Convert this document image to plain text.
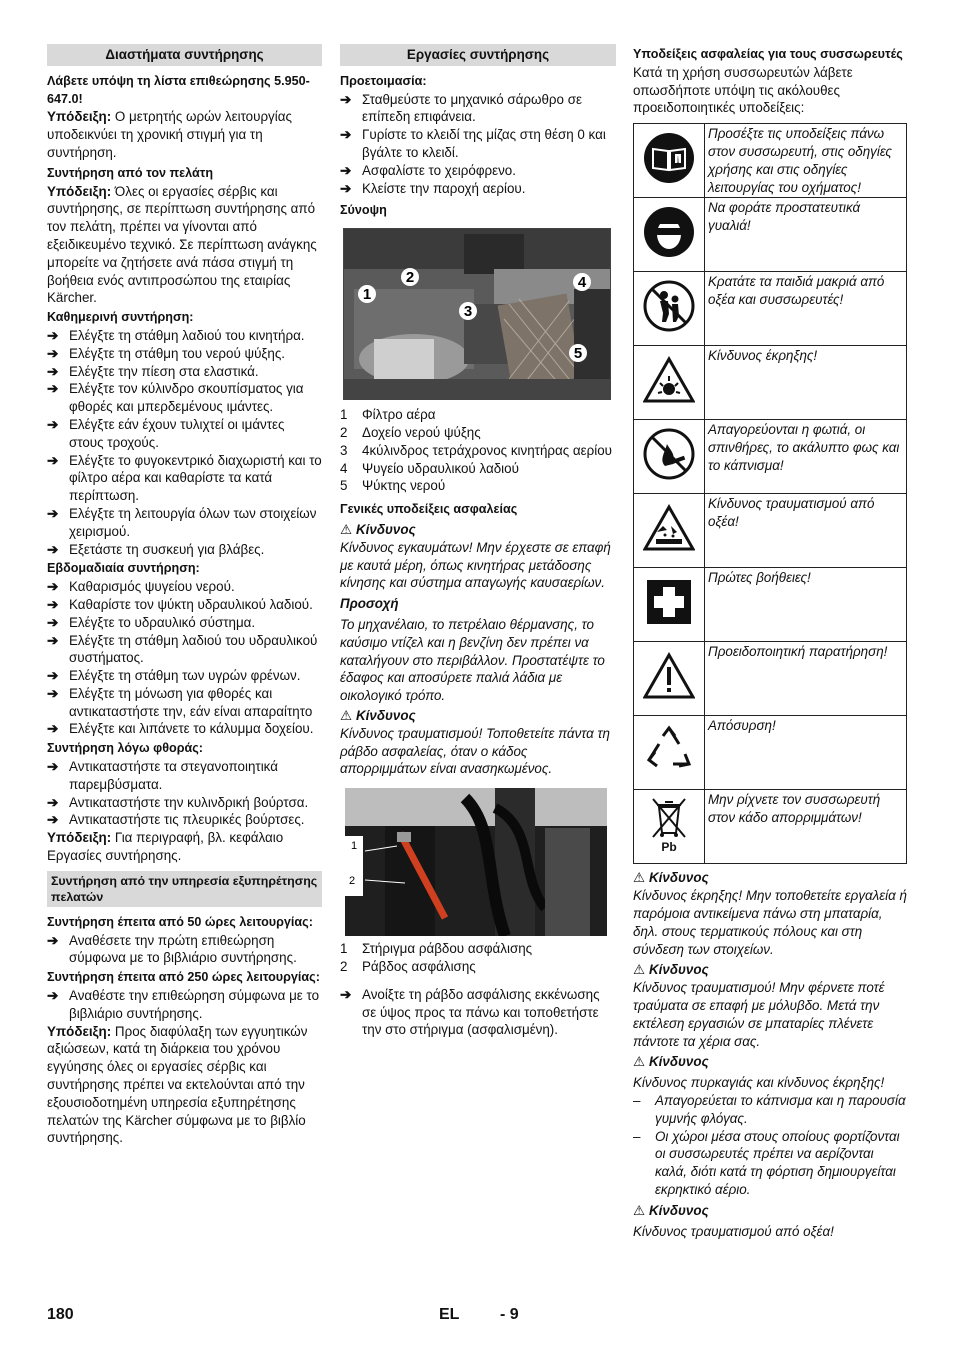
Διαστήματα συντήρησης
Λάβετε υπόψη τη λίστα επιθεώρησης 5.950-647.0!

Υπόδειξη: Ο μετρητής ωρών λειτουργίας υποδεικνύει τη χρονική στιγμή για τη συντήρηση.

Συντήρηση από τον πελάτη

Υπόδειξη: Όλες οι εργασίες σέρβις και συντήρησης, σε περίπτωση συντήρησης από τον πελάτη, πρέπει να γίνονται από εξειδικευμένο τεχνικό. Σε περίπτωση ανάγκης μπορείτε να ζητήσετε ανά πάσα στιγμή τη βοήθεια ενός αντιπροσώπου της εταιρίας Kärcher.

Καθημερινή συντήρηση:
➔ Ελέγξτε τη στάθμη λαδιού του κινητήρα.
➔ Ελέγξτε τη στάθμη του νερού ψύξης.
➔ Ελέγξτε την πίεση στα ελαστικά.
➔ Ελέγξτε τον κύλινδρο σκουπίσματος για φθορές και μπερδεμένους ιμάντες.
➔ Ελέγξτε εάν έχουν τυλιχτεί οι ιμάντες στους τροχούς.
➔ Ελέγξτε το φυγοκεντρικό διαχωριστή και το φίλτρο αέρα και καθαρίστε τα κατά περίπτωση.
➔ Ελέγξτε τη λειτουργία όλων των στοιχείων χειρισμού.
➔ Εξετάστε τη συσκευή για βλάβες.
Εβδομαδιαία συντήρηση:
➔ Καθαρισμός ψυγείου νερού.
➔ Καθαρίστε τον ψύκτη υδραυλικού λαδιού.
➔ Ελέγξτε το υδραυλικό σύστημα.
➔ Ελέγξτε τη στάθμη λαδιού του υδραυλικού συστήματος.
➔ Ελέγξτε τη στάθμη των υγρών φρένων.
➔ Ελέγξτε τη μόνωση για φθορές και αντικαταστήστε την, εάν είναι απαραίτητο
➔ Ελέγξτε και λιπάνετε το κάλυμμα δοχείου.
Συντήρηση λόγω φθοράς:
➔ Αντικαταστήστε τα στεγανοποιητικά παρεμβύσματα.
➔ Αντικαταστήστε την κυλινδρική βούρτσα.
➔ Αντικαταστήστε τις πλευρικές βούρτσες.

Υπόδειξη: Για περιγραφή, βλ. κεφάλαιο Εργασίες συντήρησης.

Συντήρηση από την υπηρεσία εξυπηρέτησης πελατών
Συντήρηση έπειτα από 50 ώρες λειτουργίας:
➔ Αναθέσετε την πρώτη επιθεώρηση σύμφωνα με το βιβλιάριο συντήρησης.
Συντήρηση έπειτα από 250 ώρες λειτουργίας:
➔ Αναθέστε την επιθεώρηση σύμφωνα με το βιβλιάριο συντήρησης.

Υπόδειξη: Προς διαφύλαξη των εγγυητικών αξιώσεων, κατά τη διάρκεια του χρόνου εγγύησης όλες οι εργασίες σέρβις και συντήρησης πρέπει να εκτελούνται από την εξουσιοδοτημένη υπηρεσία εξυπηρέτησης πελατών της Kärcher σύμφωνα με το βιβλίο συντήρησης.

Εργασίες συντήρησης
Προετοιμασία:
➔ Σταθμεύστε το μηχανικό σάρωθρο σε επίπεδη επιφάνεια.
➔ Γυρίστε το κλειδί της μίζας στη θέση 0 και βγάλτε το κλειδί.
➔ Ασφαλίστε το χειρόφρενο.
➔ Κλείστε την παροχή αερίου.
Σύνοψη
1
2
3
4
5
1 Φίλτρο αέρα
2 Δοχείο νερού ψύξης
3 4κύλινδρος τετράχρονος κινητήρας αερίου
4 Ψυγείο υδραυλικού λαδιού
5 Ψύκτης νερού
Γενικές υποδείξεις ασφαλείας
⚠ Κίνδυνος

Κίνδυνος εγκαυμάτων! Μην έρχεστε σε επαφή με καυτά μέρη, όπως κινητήρας μετάδοσης κίνησης και σύστημα απαγωγής καυσαερίων.

Προσοχή

Το μηχανέλαιο, το πετρέλαιο θέρμανσης, το καύσιμο ντίζελ και η βενζίνη δεν πρέπει να καταλήγουν στο περιβάλλον. Προστατέψτε το έδαφος και αποσύρετε παλιά λάδια με οικολογικό τρόπο.

⚠ Κίνδυνος

Κίνδυνος τραυματισμού! Τοποθετείτε πάντα τη ράβδο ασφαλείας, όταν ο κάδος απορριμμάτων είναι ανασηκωμένος.

1
2
1 Στήριγμα ράβδου ασφάλισης
2 Ράβδος ασφάλισης
➔ Ανοίξτε τη ράβδο ασφάλισης εκκένωσης σε ύψος προς τα πάνω και τοποθετήστε την στο στήριγμα (ασφαλισμένη).
Υποδείξεις ασφαλείας για τους συσσωρευτές

Κατά τη χρήση συσσωρευτών λάβετε οπωσδήποτε υπόψη τις ακόλουθες προειδοποιητικές υποδείξεις:

i	Προσέξτε τις υποδείξεις πάνω στον συσσωρευτή, στις οδηγίες χρήσης και στις οδηγίες λειτουργίας του οχήματος!
	Να φοράτε προστατευτικά γυαλιά!
	Κρατάτε τα παιδιά μακριά από οξέα και συσσωρευτές!
	Κίνδυνος έκρηξης!
	Απαγορεύονται η φωτιά, οι σπινθήρες, το ακάλυπτο φως και το κάπνισμα!
	Κίνδυνος τραυματισμού από οξέα!
	Πρώτες βοήθειες!
	Προειδοποιητική παρατήρηση!
	Απόσυρση!

Pb	Μην ρίχνετε τον συσσωρευτή στον κάδο απορριμμάτων!
⚠ Κίνδυνος

Κίνδυνος έκρηξης! Μην τοποθετείτε εργαλεία ή παρόμοια αντικείμενα πάνω στη μπαταρία, δηλ. στους τερματικούς πόλους και στη σύνδεση των στοιχείων.

⚠ Κίνδυνος

Κίνδυνος τραυματισμού! Μην φέρνετε ποτέ τραύματα σε επαφή με μόλυβδο. Μετά την εκτέλεση εργασιών σε μπαταρίες πλένετε πάντοτε τα χέρια σας.

⚠ Κίνδυνος

Κίνδυνος πυρκαγιάς και κίνδυνος έκρηξης!

– Απαγορεύεται το κάπνισμα και η παρουσία γυμνής φλόγας.
– Οι χώροι μέσα στους οποίους φορτίζονται οι συσσωρευτές πρέπει να αερίζονται καλά, διότι κατά τη φόρτιση δημιουργείται εκρηκτικό αέριο.
⚠ Κίνδυνος

Κίνδυνος τραυματισμού από οξέα!

180	EL	- 9
